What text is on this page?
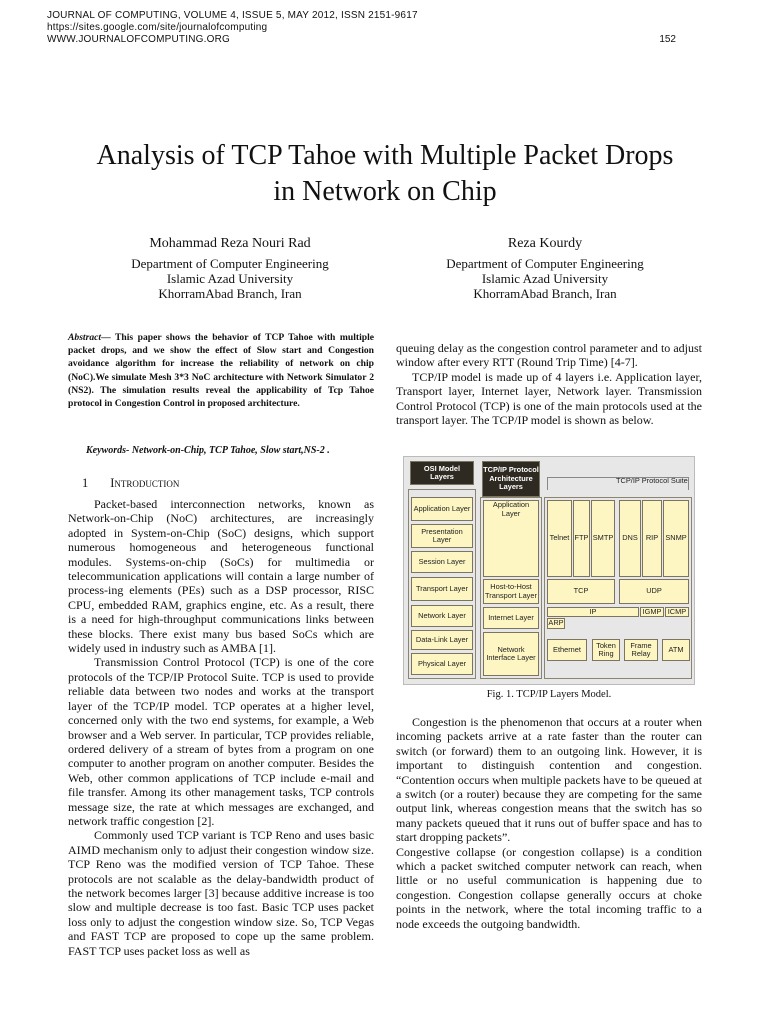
JOURNAL OF COMPUTING, VOLUME 4, ISSUE 5, MAY 2012, ISSN 2151-9617
https://sites.google.com/site/journalofcomputing
WWW.JOURNALOFCOMPUTING.ORG	152
Analysis of TCP Tahoe with Multiple Packet Drops
in Network on Chip
Mohammad Reza Nouri Rad
Department of Computer Engineering
Islamic Azad University
KhorramAbad Branch, Iran
Reza Kourdy
Department of Computer Engineering
Islamic Azad University
KhorramAbad Branch, Iran
Abstract— This paper shows the behavior of TCP Tahoe with multiple packet drops, and we show the effect of Slow start and Congestion avoidance algorithm for increase the reliability of network on chip (NoC).We simulate Mesh 3*3 NoC architecture with Network Simulator 2 (NS2). The simulation results reveal the applicability of Tcp Tahoe protocol in Congestion Control in proposed architecture.
Keywords- Network-on-Chip, TCP Tahoe, Slow start,NS-2 .
1 Introduction

Packet-based interconnection networks, known as Network-on-Chip (NoC) architectures, are increasingly adopted in System-on-Chip (SoC) designs, which support numerous homogeneous and heterogeneous functional modules. Systems-on-chip (SoCs) for multimedia or telecommunication applications will contain a large number of process-ing elements (PEs) such as a DSP processor, RISC CPU, embedded RAM, graphics engine, etc. As a result, there is a need for high-throughput communications links between these blocks. There exist many bus based SoCs which are widely used in industry such as AMBA [1].

Transmission Control Protocol (TCP) is one of the core protocols of the TCP/IP Protocol Suite. TCP is used to provide reliable data between two nodes and works at the transport layer of the TCP/IP model. TCP operates at a higher level, concerned only with the two end systems, for example, a Web browser and a Web server. In particular, TCP provides reliable, ordered delivery of a stream of bytes from a program on one computer to another program on another computer. Besides the Web, other common applications of TCP include e-mail and file transfer. Among its other management tasks, TCP controls message size, the rate at which messages are exchanged, and network traffic congestion [2].

Commonly used TCP variant is TCP Reno and uses basic AIMD mechanism only to adjust their congestion window size. TCP Reno was the modified version of TCP Tahoe. These protocols are not scalable as the delay-bandwidth product of the network becomes larger [3] because additive increase is too slow and multiple decrease is too fast. Basic TCP uses packet loss only to adjust the congestion window size. So, TCP Vegas and FAST TCP are proposed to cope up the same problem. FAST TCP uses packet loss as well as

queuing delay as the congestion control parameter and to adjust window after every RTT (Round Trip Time) [4-7].

TCP/IP model is made up of 4 layers i.e. Application layer, Transport layer, Internet layer, Network layer. Transmission Control Protocol (TCP) is one of the main protocols used at the transport layer. The TCP/IP model is shown as below.

OSI Model Layers
TCP/IP Protocol Architecture Layers
TCP/IP Protocol Suite
Application Layer
Presentation Layer
Session Layer
Transport Layer
Network Layer
Data-Link Layer
Physical Layer
Application Layer
Host-to-Host Transport Layer
Internet Layer
Network Interface Layer
Telnet FTP SMTP	DNS	RIP SNMP
TCP	UDP
IP	IGMP ICMP
ARP
Ethernet	Token Ring
Frame Relay	ATM
Fig. 1. TCP/IP Layers Model.

Congestion is the phenomenon that occurs at a router when incoming packets arrive at a rate faster than the router can switch (or forward) them to an outgoing link. However, it is important to distinguish contention and congestion. “Contention occurs when multiple packets have to be queued at a switch (or a router) because they are competing for the same output link, whereas congestion means that the switch has so many packets queued that it runs out of buffer space and has to start dropping packets”.

Congestive collapse (or congestion collapse) is a condition which a packet switched computer network can reach, when little or no useful communication is happening due to congestion. Congestion collapse generally occurs at choke points in the network, where the total incoming traffic to a node exceeds the outgoing bandwidth.
